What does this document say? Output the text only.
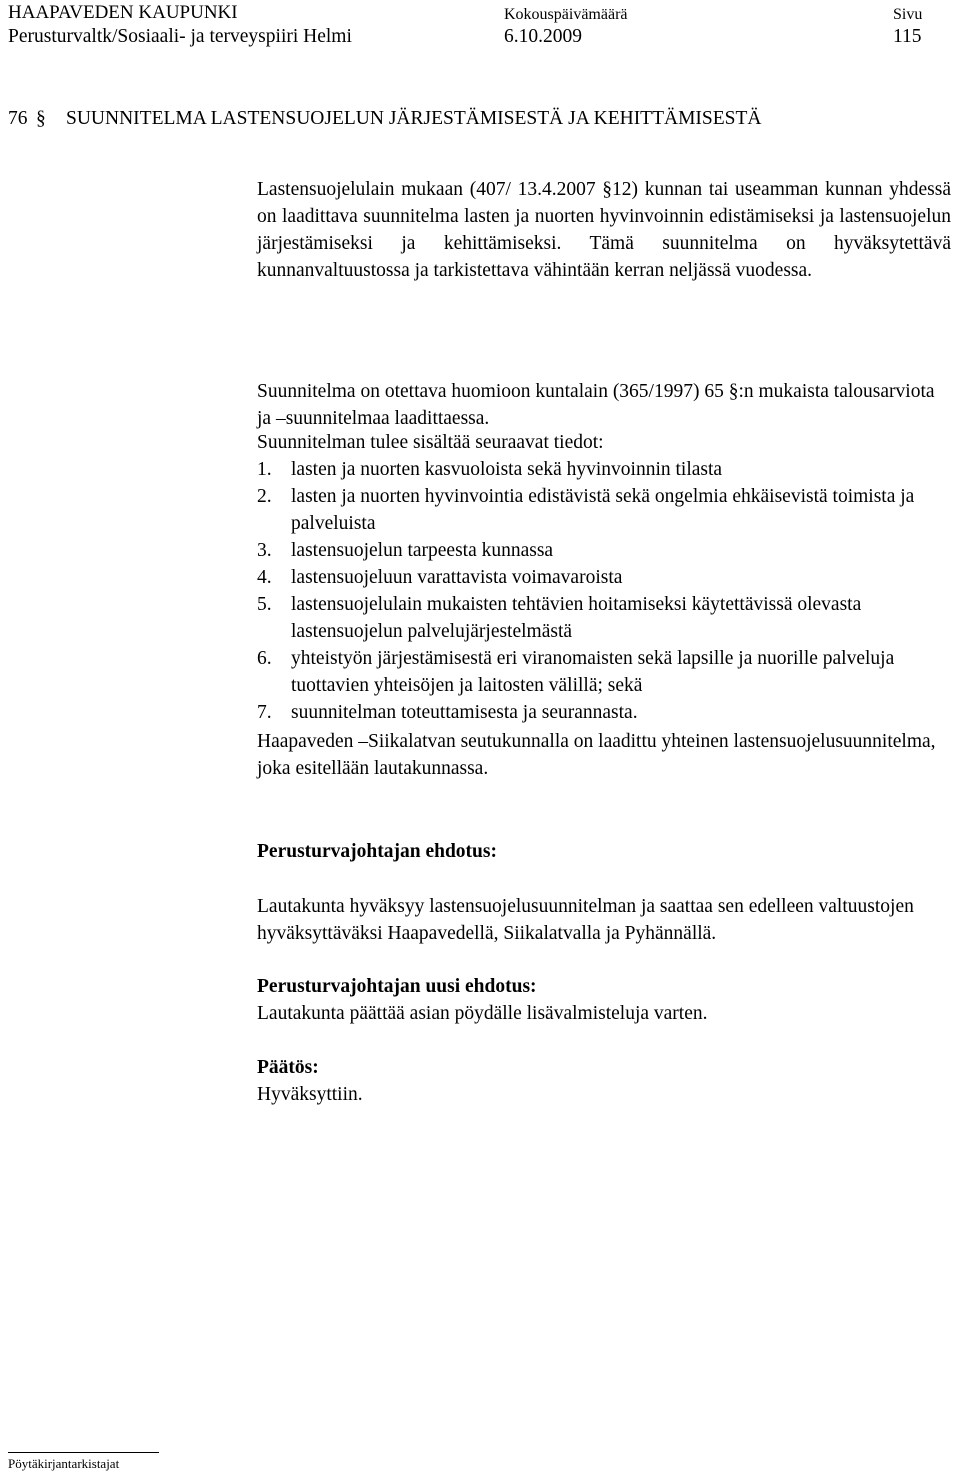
HAAPAVEDEN KAUPUNKI
Perusturvaltk/Sosiaali- ja terveyspiiri Helmi
Kokouspäivämäärä
6.10.2009
Sivu
115
76 § SUUNNITELMA LASTENSUOJELUN JÄRJESTÄMISESTÄ JA KEHITTÄMISESTÄ
Lastensuojelulain mukaan (407/ 13.4.2007 §12) kunnan tai useamman kunnan yhdessä on laadittava suunnitelma lasten ja nuorten hyvinvoinnin edistämiseksi ja lastensuojelun järjestämiseksi ja kehittämiseksi. Tämä suunnitelma on hyväksytettävä kunnanvaltuustossa ja tarkistettava vähintään kerran neljässä vuodessa.
Suunnitelma on otettava huomioon kuntalain (365/1997) 65 §:n mukaista talousarviota ja –suunnitelmaa laadittaessa.
Suunnitelman tulee sisältää seuraavat tiedot:
1. lasten ja nuorten kasvuoloista sekä hyvinvoinnin tilasta
2. lasten ja nuorten hyvinvointia edistävistä sekä ongelmia ehkäisevistä toimista ja palveluista
3. lastensuojelun tarpeesta kunnassa
4. lastensuojeluun varattavista voimavaroista
5. lastensuojelulain mukaisten tehtävien hoitamiseksi käytettävissä olevasta lastensuojelun palvelujärjestelmästä
6. yhteistyön järjestämisestä eri viranomaisten sekä lapsille ja nuorille palveluja tuottavien yhteisöjen ja laitosten välillä; sekä
7. suunnitelman toteuttamisesta ja seurannasta.
Haapaveden –Siikalatvan seutukunnalla on laadittu yhteinen lastensuojelusuunnitelma, joka esitellään lautakunnassa.
Perusturvajohtajan ehdotus:
Lautakunta hyväksyy lastensuojelusuunnitelman ja saattaa sen edelleen valtuustojen hyväksyttäväksi Haapavedellä, Siikalatvalla ja Pyhännällä.
Perusturvajohtajan uusi ehdotus:
Lautakunta päättää asian pöydälle lisävalmisteluja varten.
Päätös:
Hyväksyttiin.
Pöytäkirjantarkistajat
